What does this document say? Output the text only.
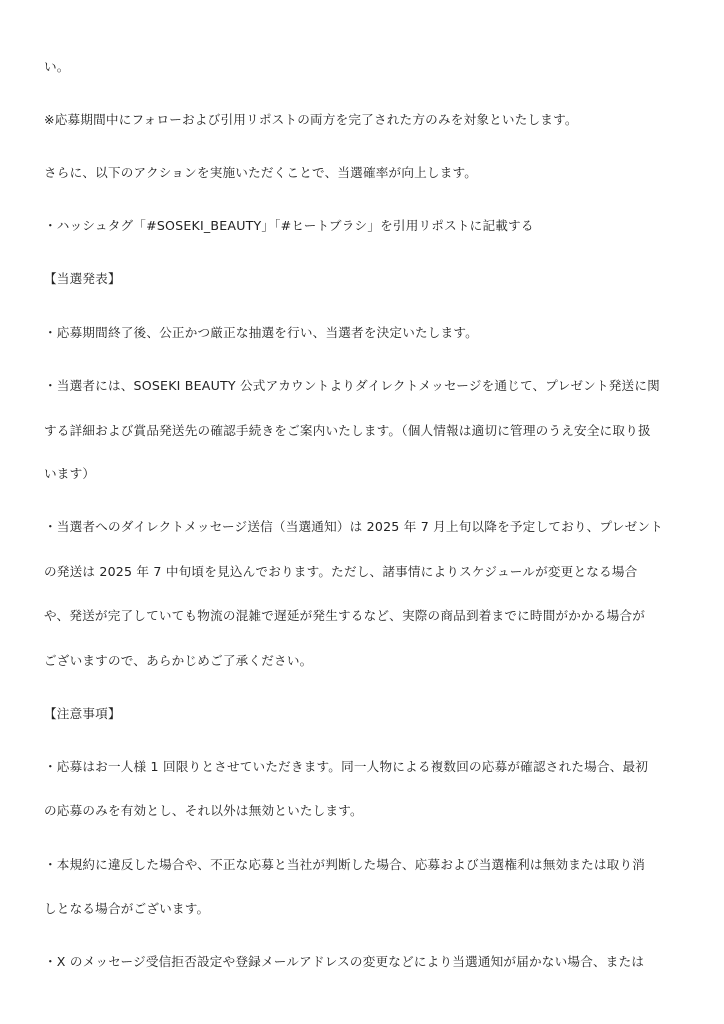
い。
※応募期間中にフォローおよび引用リポストの両方を完了された方のみを対象といたします。
さらに、以下のアクションを実施いただくことで、当選確率が向上します。
・ハッシュタグ「#SOSEKI_BEAUTY」「#ヒートブラシ」を引用リポストに記載する
【当選発表】
・応募期間終了後、公正かつ厳正な抽選を行い、当選者を決定いたします。
・当選者には、SOSEKI BEAUTY 公式アカウントよりダイレクトメッセージを通じて、プレゼント発送に関
する詳細および賞品発送先の確認手続きをご案内いたします。（個人情報は適切に管理のうえ安全に取り扱
います）
・当選者へのダイレクトメッセージ送信（当選通知）は 2025 年 7 月上旬以降を予定しており、プレゼント
の発送は 2025 年 7 中旬頃を見込んでおります。ただし、諸事情によりスケジュールが変更となる場合
や、発送が完了していても物流の混雑で遅延が発生するなど、実際の商品到着までに時間がかかる場合が
ございますので、あらかじめご了承ください。
【注意事項】
・応募はお一人様 1 回限りとさせていただきます。同一人物による複数回の応募が確認された場合、最初
の応募のみを有効とし、それ以外は無効といたします。
・本規約に違反した場合や、不正な応募と当社が判断した場合、応募および当選権利は無効または取り消
しとなる場合がございます。
・X のメッセージ受信拒否設定や登録メールアドレスの変更などにより当選通知が届かない場合、または
